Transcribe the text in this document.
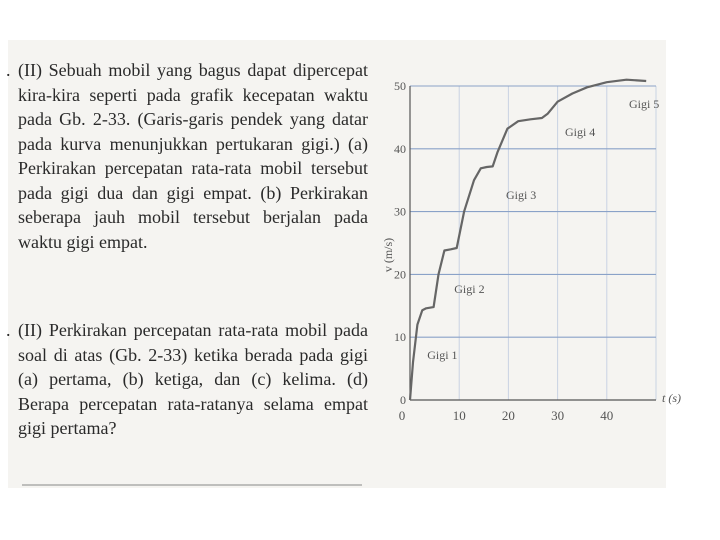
. (II) Sebuah mobil yang bagus dapat dipercepat
kira-kira seperti pada grafik kecepatan waktu
pada Gb. 2-33. (Garis-garis pendek yang datar
pada kurva menunjukkan pertukaran gigi.) (a)
Perkirakan percepatan rata-rata mobil tersebut
pada gigi dua dan gigi empat. (b) Perkirakan
seberapa jauh mobil tersebut berjalan pada
waktu gigi empat.
. (II) Perkirakan percepatan rata-rata mobil pada
soal di atas (Gb. 2-33) ketika berada pada gigi
(a) pertama, (b) ketiga, dan (c) kelima. (d)
Berapa percepatan rata-ratanya selama empat
gigi pertama?
0
10
20
30
40
50
0	10	20	30	40
t (s)
v (m/s)
Gigi 1
Gigi 2
Gigi 3
Gigi 4
Gigi 5
